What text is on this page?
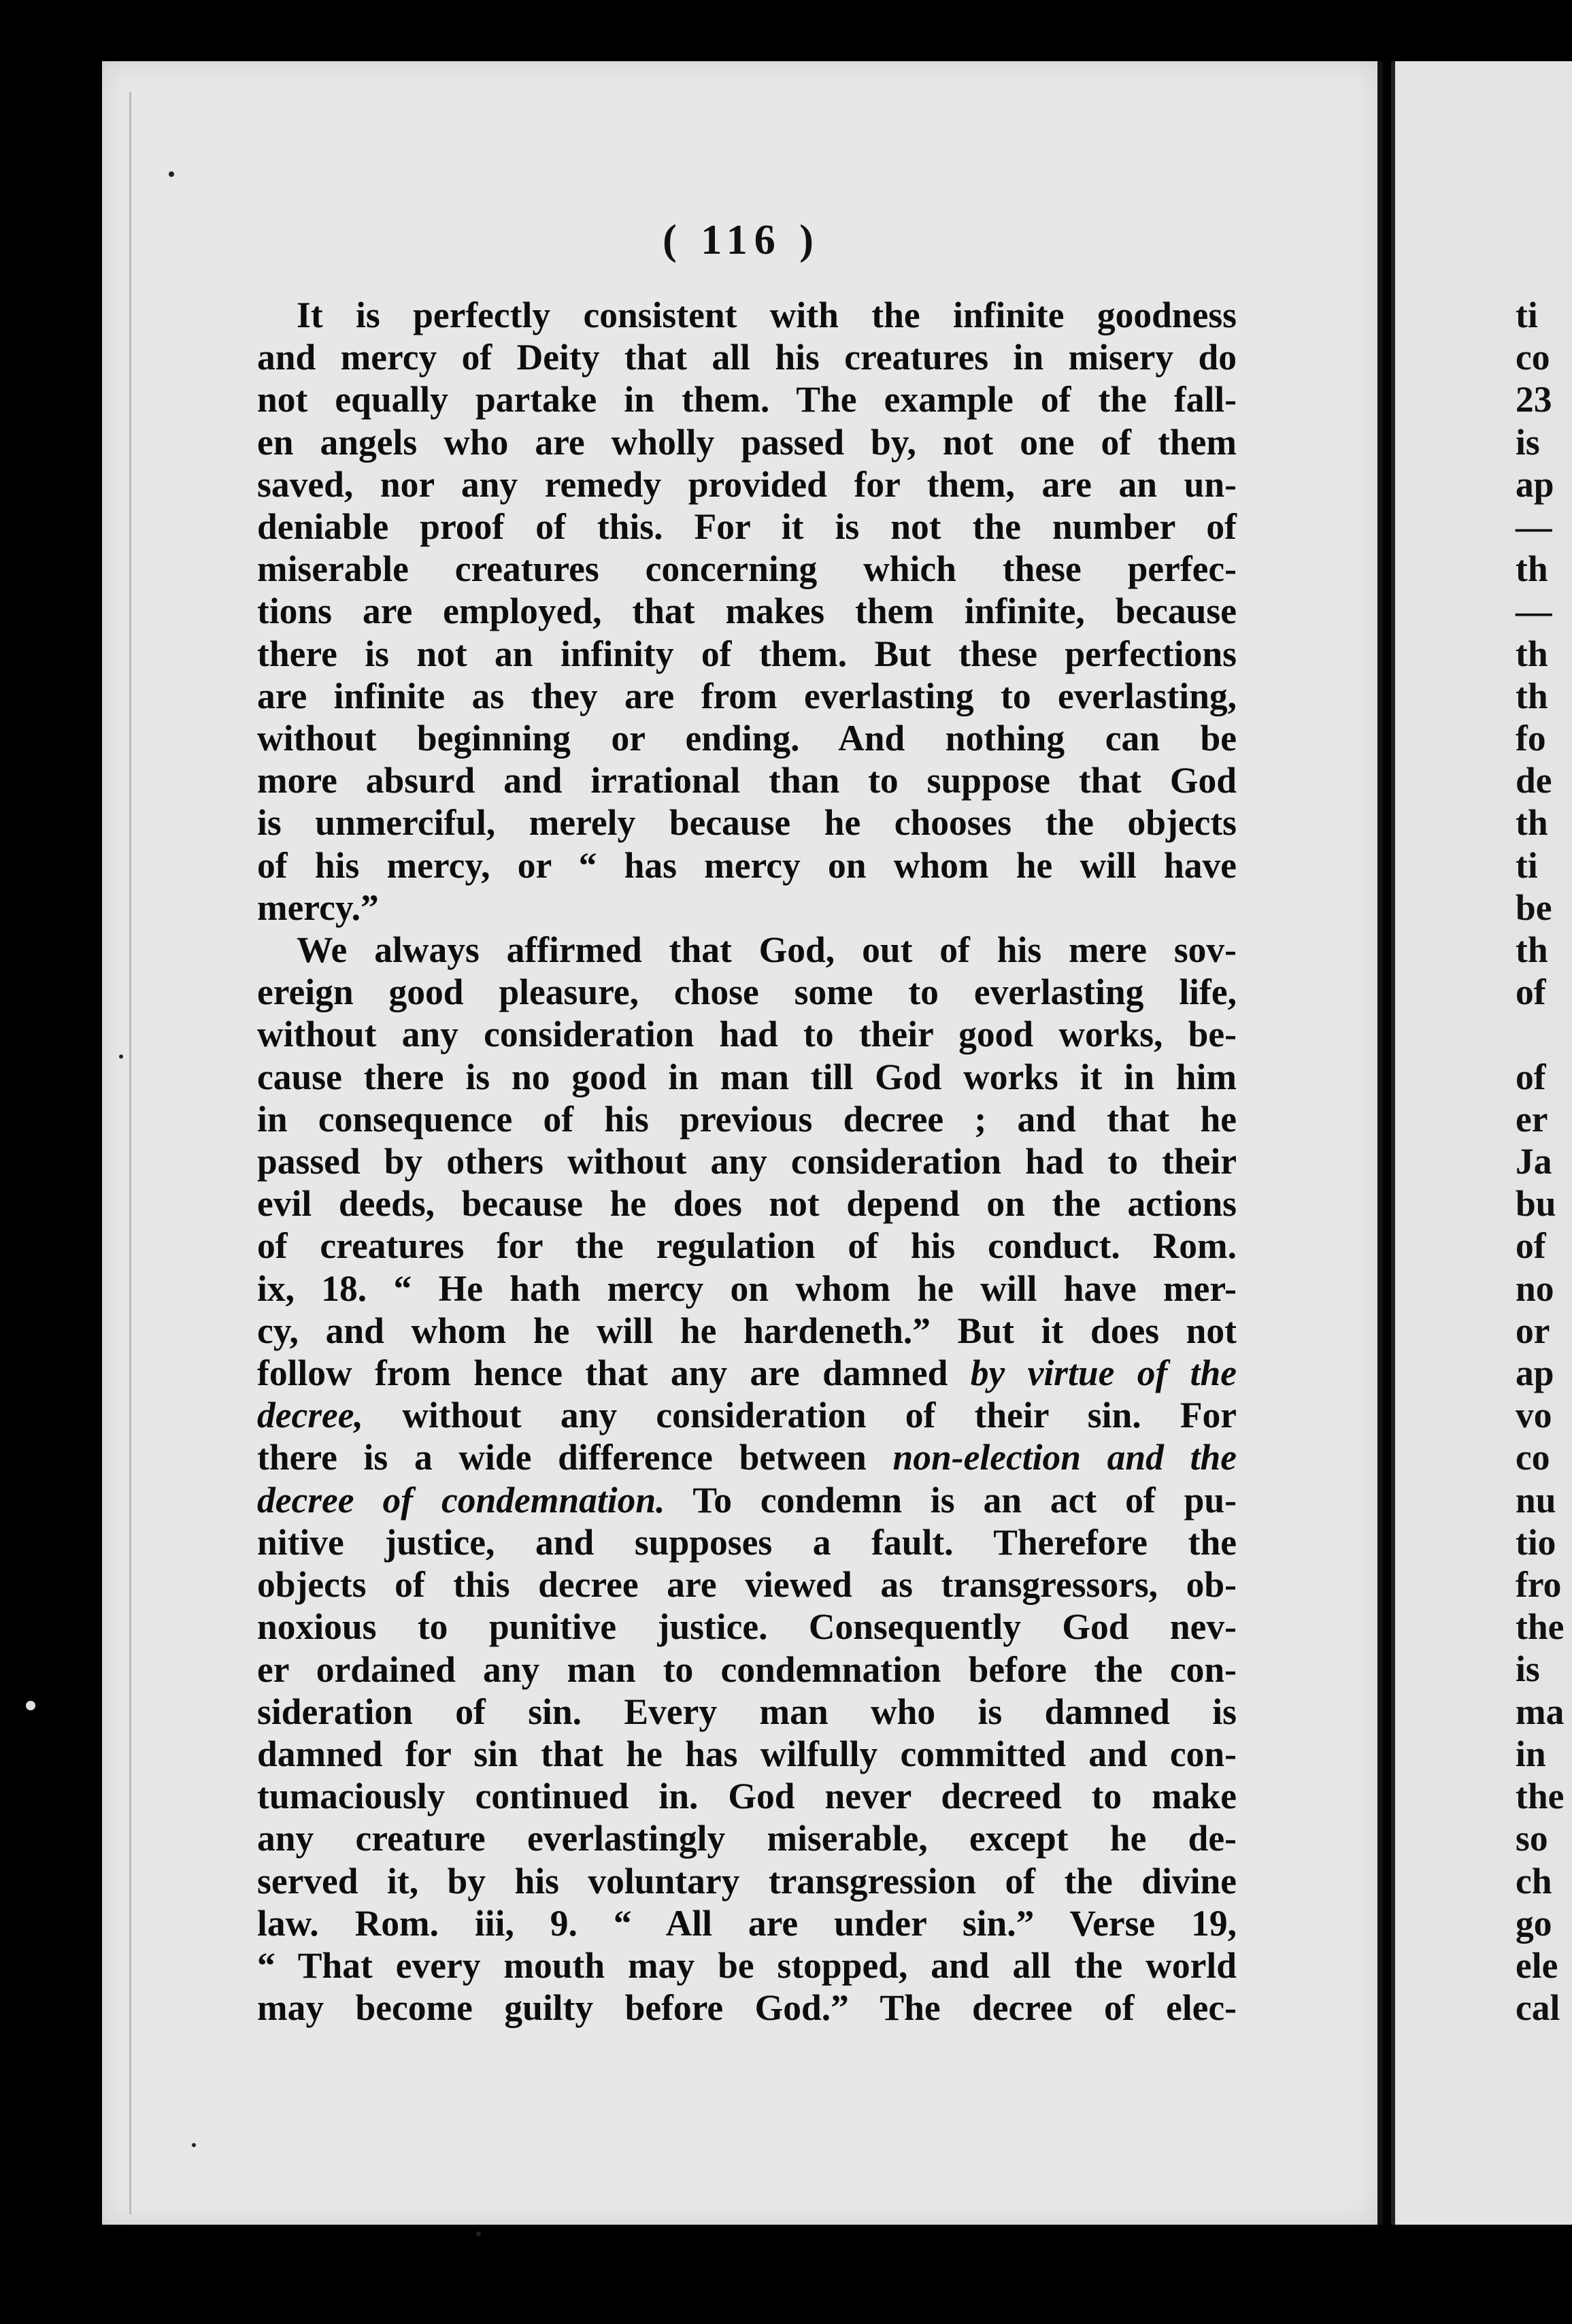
( 116 )
It is perfectly consistent with the infinite goodness
and mercy of Deity that all his creatures in misery do
not equally partake in them. The example of the fall-
en angels who are wholly passed by, not one of them
saved, nor any remedy provided for them, are an un-
deniable proof of this. For it is not the number of
miserable creatures concerning which these perfec-
tions are employed, that makes them infinite, because
there is not an infinity of them. But these perfections
are infinite as they are from everlasting to everlasting,
without beginning or ending. And nothing can be
more absurd and irrational than to suppose that God
is unmerciful, merely because he chooses the objects
of his mercy, or “ has mercy on whom he will have
mercy.”
We always affirmed that God, out of his mere sov-
ereign good pleasure, chose some to everlasting life,
without any consideration had to their good works, be-
cause there is no good in man till God works it in him
in consequence of his previous decree ; and that he
passed by others without any consideration had to their
evil deeds, because he does not depend on the actions
of creatures for the regulation of his conduct. Rom.
ix, 18. “ He hath mercy on whom he will have mer-
cy, and whom he will he hardeneth.” But it does not
follow from hence that any are damned by virtue of the
decree, without any consideration of their sin. For
there is a wide difference between non-election and the
decree of condemnation. To condemn is an act of pu-
nitive justice, and supposes a fault. Therefore the
objects of this decree are viewed as transgressors, ob-
noxious to punitive justice. Consequently God nev-
er ordained any man to condemnation before the con-
sideration of sin. Every man who is damned is
damned for sin that he has wilfully committed and con-
tumaciously continued in. God never decreed to make
any creature everlastingly miserable, except he de-
served it, by his voluntary transgression of the divine
law. Rom. iii, 9. “ All are under sin.” Verse 19,
“ That every mouth may be stopped, and all the world
may become guilty before God.” The decree of elec-
ti
co
23
is
ap
—
th
—
th
th
fo
de
th
ti
be
th
of
of
er
Ja
bu
of
no
or
ap
vo
co
nu
tio
fro
the
is
ma
in
the
so
ch
go
ele
cal
